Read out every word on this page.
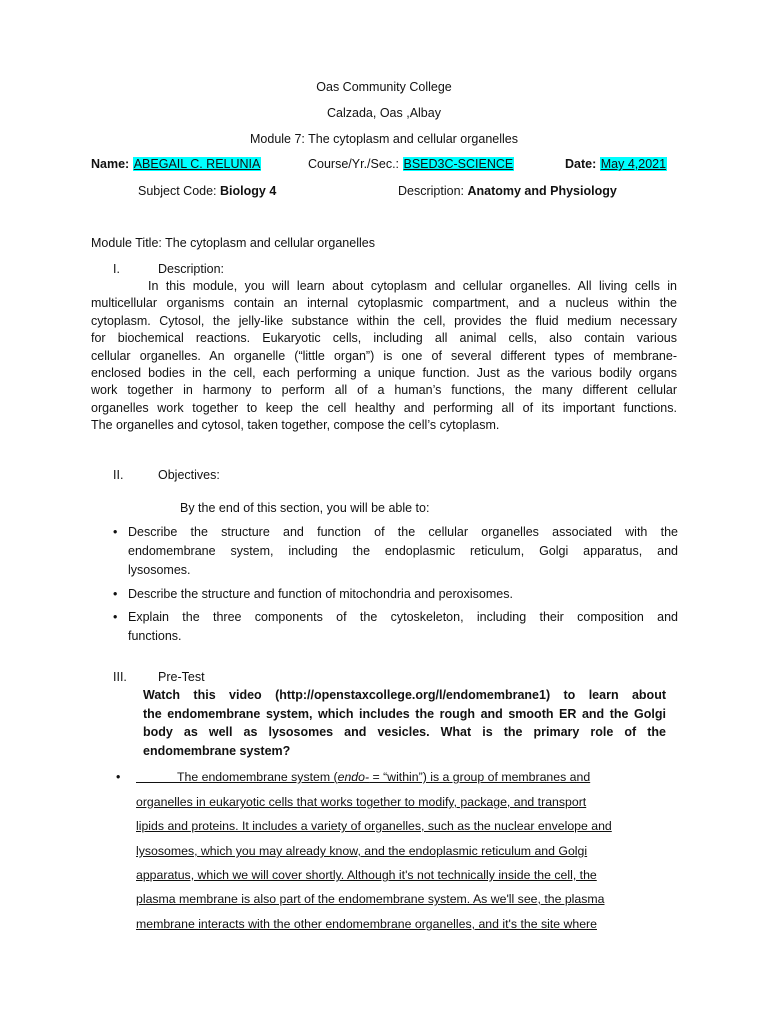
Oas Community College
Calzada, Oas ,Albay
Module 7: The cytoplasm and cellular organelles
Name: ABEGAIL C. RELUNIA	Course/Yr./Sec.: BSED3C-SCIENCE	Date: May 4,2021
Subject Code: Biology 4	Description: Anatomy and Physiology
Module Title: The cytoplasm and cellular organelles
I.	Description:
In this module, you will learn about cytoplasm and cellular organelles. All living cells in
multicellular organisms contain an internal cytoplasmic compartment, and a nucleus within the
cytoplasm. Cytosol, the jelly-like substance within the cell, provides the fluid medium necessary
for biochemical reactions. Eukaryotic cells, including all animal cells, also contain various
cellular organelles. An organelle (“little organ”) is one of several different types of membrane-
enclosed bodies in the cell, each performing a unique function. Just as the various bodily organs
work together in harmony to perform all of a human’s functions, the many different cellular
organelles work together to keep the cell healthy and performing all of its important functions.
The organelles and cytosol, taken together, compose the cell’s cytoplasm.
II.	Objectives:
By the end of this section, you will be able to:
• Describe the structure and function of the cellular organelles associated with the
endomembrane system, including the endoplasmic reticulum, Golgi apparatus, and
lysosomes.
• Describe the structure and function of mitochondria and peroxisomes.
• Explain the three components of the cytoskeleton, including their composition and
functions.
III. Pre-Test
Watch this video (http://openstaxcollege.org/l/endomembrane1) to learn about
the endomembrane system, which includes the rough and smooth ER and the Golgi
body as well as lysosomes and vesicles. What is the primary role of the
endomembrane system?
•	The endomembrane system (endo- = “within”) is a group of membranes and
organelles in eukaryotic cells that works together to modify, package, and transport
lipids and proteins. It includes a variety of organelles, such as the nuclear envelope and
lysosomes, which you may already know, and the endoplasmic reticulum and Golgi
apparatus, which we will cover shortly. Although it's not technically inside the cell, the
plasma membrane is also part of the endomembrane system. As we'll see, the plasma
membrane interacts with the other endomembrane organelles, and it's the site where
